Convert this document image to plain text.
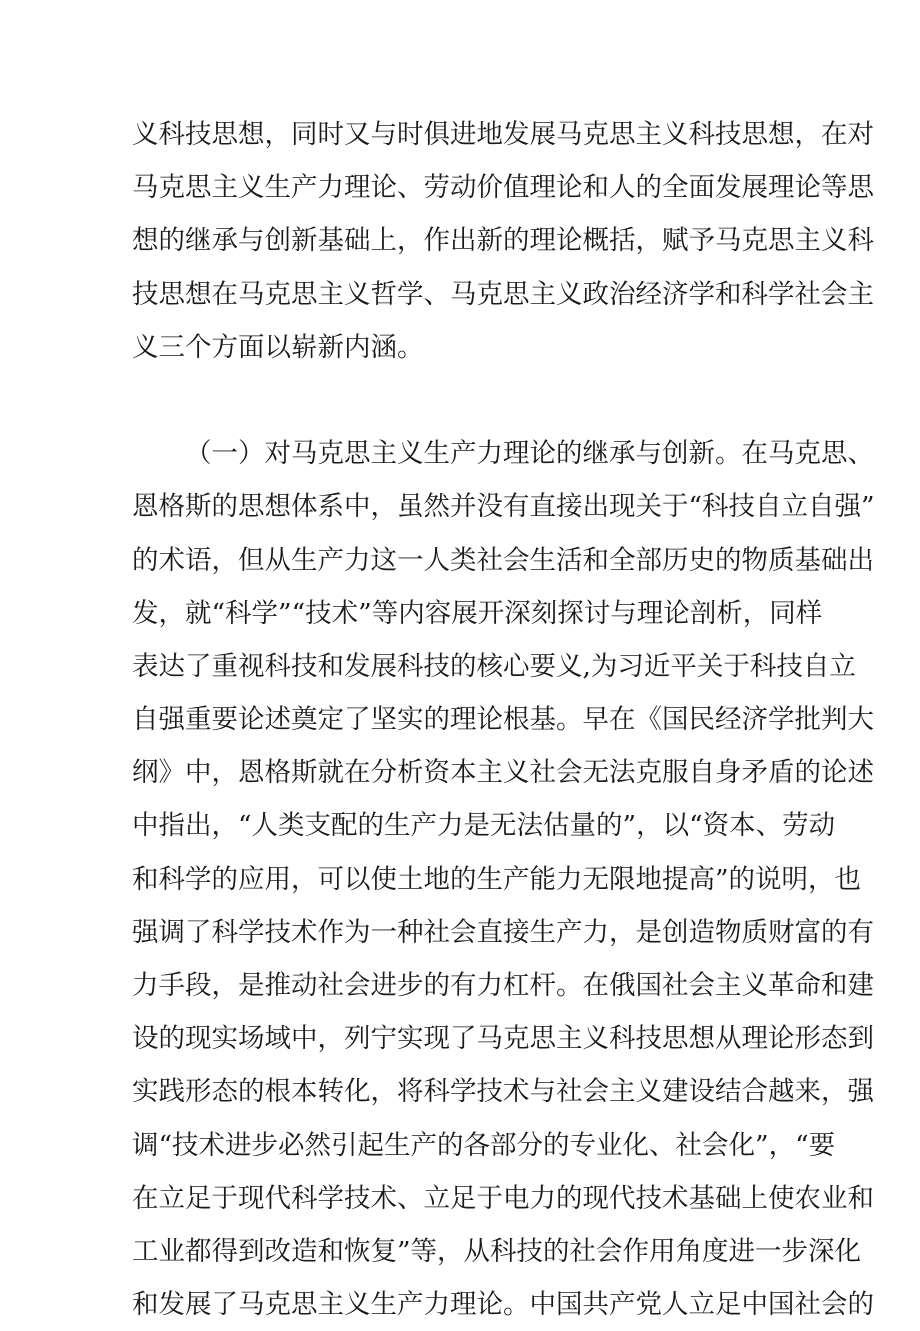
义科技思想，同时又与时俱进地发展马克思主义科技思想，在对
马克思主义生产力理论、劳动价值理论和人的全面发展理论等思
想的继承与创新基础上，作出新的理论概括，赋予马克思主义科
技思想在马克思主义哲学、马克思主义政治经济学和科学社会主
义三个方面以崭新内涵。
（一）对马克思主义生产力理论的继承与创新。在马克思、
恩格斯的思想体系中，虽然并没有直接出现关于“科技自立自强”
的术语，但从生产力这一人类社会生活和全部历史的物质基础出
发，就“科学”“技术”等内容展开深刻探讨与理论剖析，同样
表达了重视科技和发展科技的核心要义,为习近平关于科技自立
自强重要论述奠定了坚实的理论根基。早在《国民经济学批判大
纲》中，恩格斯就在分析资本主义社会无法克服自身矛盾的论述
中指出，“人类支配的生产力是无法估量的”，以“资本、劳动
和科学的应用，可以使土地的生产能力无限地提高”的说明，也
强调了科学技术作为一种社会直接生产力，是创造物质财富的有
力手段，是推动社会进步的有力杠杆。在俄国社会主义革命和建
设的现实场域中，列宁实现了马克思主义科技思想从理论形态到
实践形态的根本转化，将科学技术与社会主义建设结合越来，强
调“技术进步必然引起生产的各部分的专业化、社会化”，“要
在立足于现代科学技术、立足于电力的现代技术基础上使农业和
工业都得到改造和恢复”等，从科技的社会作用角度进一步深化
和发展了马克思主义生产力理论。中国共产党人立足中国社会的
